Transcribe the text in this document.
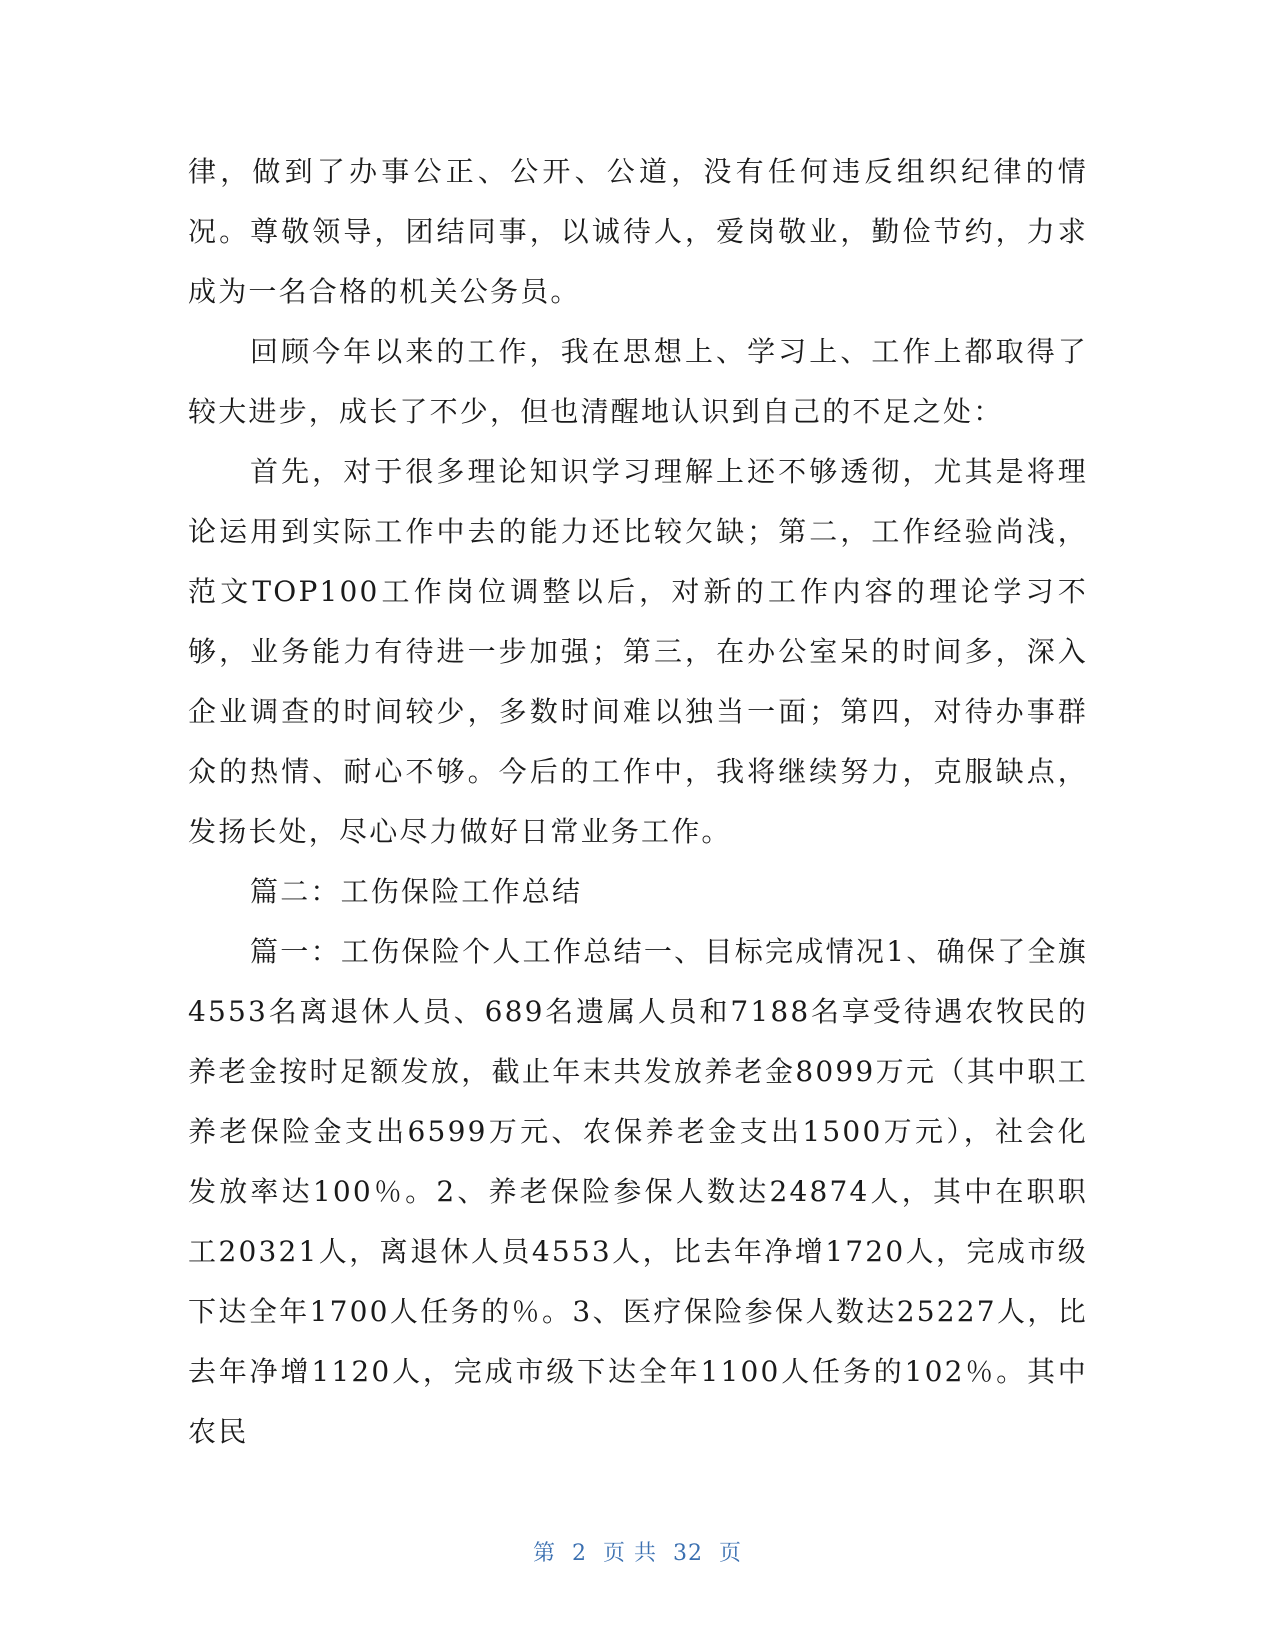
律，做到了办事公正、公开、公道，没有任何违反组织纪律的情况。尊敬领导，团结同事，以诚待人，爱岗敬业，勤俭节约，力求成为一名合格的机关公务员。

回顾今年以来的工作，我在思想上、学习上、工作上都取得了较大进步，成长了不少，但也清醒地认识到自己的不足之处：

首先，对于很多理论知识学习理解上还不够透彻，尤其是将理论运用到实际工作中去的能力还比较欠缺；第二，工作经验尚浅，范文TOP100工作岗位调整以后，对新的工作内容的理论学习不够，业务能力有待进一步加强；第三，在办公室呆的时间多，深入企业调查的时间较少，多数时间难以独当一面；第四，对待办事群众的热情、耐心不够。今后的工作中，我将继续努力，克服缺点，发扬长处，尽心尽力做好日常业务工作。

篇二：工伤保险工作总结

篇一：工伤保险个人工作总结一、目标完成情况1、确保了全旗4553名离退休人员、689名遗属人员和7188名享受待遇农牧民的养老金按时足额发放，截止年末共发放养老金8099万元（其中职工养老保险金支出6599万元、农保养老金支出1500万元），社会化发放率达100％。2、养老保险参保人数达24874人，其中在职职工20321人，离退休人员4553人，比去年净增1720人，完成市级下达全年1700人任务的％。3、医疗保险参保人数达25227人，比去年净增1120人，完成市级下达全年1100人任务的102％。其中农民

第 2 页 共 32 页
